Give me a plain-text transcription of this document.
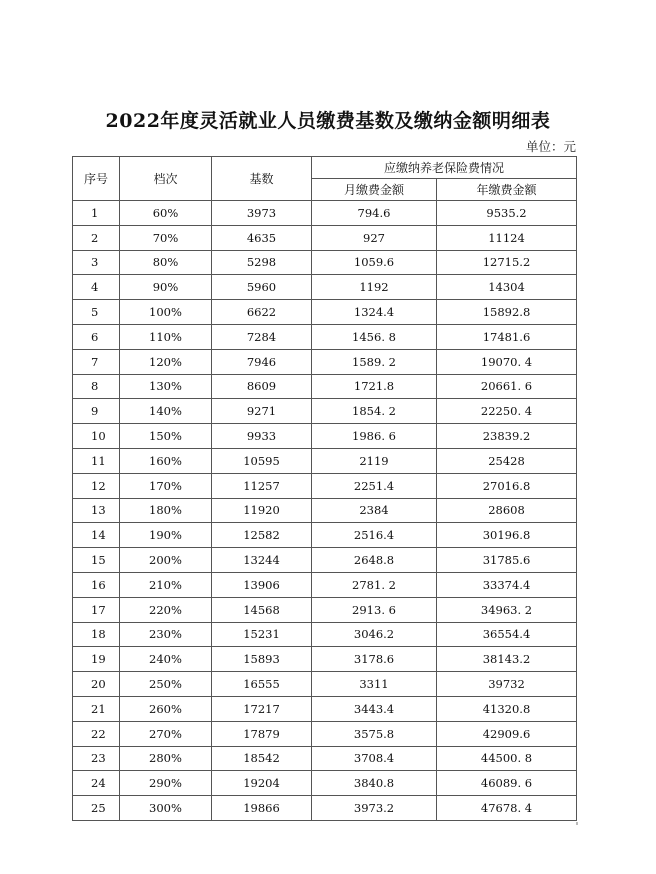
2022年度灵活就业人员缴费基数及缴纳金额明细表
单位：元
序号	档次	基数	应缴纳养老保险费情况	
			月缴费金额	年缴费金额
1	60%	3973	794.6	9535.2
2	70%	4635	927	11124
3	80%	5298	1059.6	12715.2
4	90%	5960	1192	14304
5	100%	6622	1324.4	15892.8
6	110%	7284	1456. 8	17481.6
7	120%	7946	1589. 2	19070. 4
8	130%	8609	1721.8	20661. 6
9	140%	9271	1854. 2	22250. 4
10	150%	9933	1986. 6	23839.2
11	160%	10595	2119	25428
12	170%	11257	2251.4	27016.8
13	180%	11920	2384	28608
14	190%	12582	2516.4	30196.8
15	200%	13244	2648.8	31785.6
16	210%	13906	2781. 2	33374.4
17	220%	14568	2913. 6	34963. 2
18	230%	15231	3046.2	36554.4
19	240%	15893	3178.6	38143.2
20	250%	16555	3311	39732
21	260%	17217	3443.4	41320.8
22	270%	17879	3575.8	42909.6
23	280%	18542	3708.4	44500. 8
24	290%	19204	3840.8	46089. 6
25	300%	19866	3973.2	47678. 4
